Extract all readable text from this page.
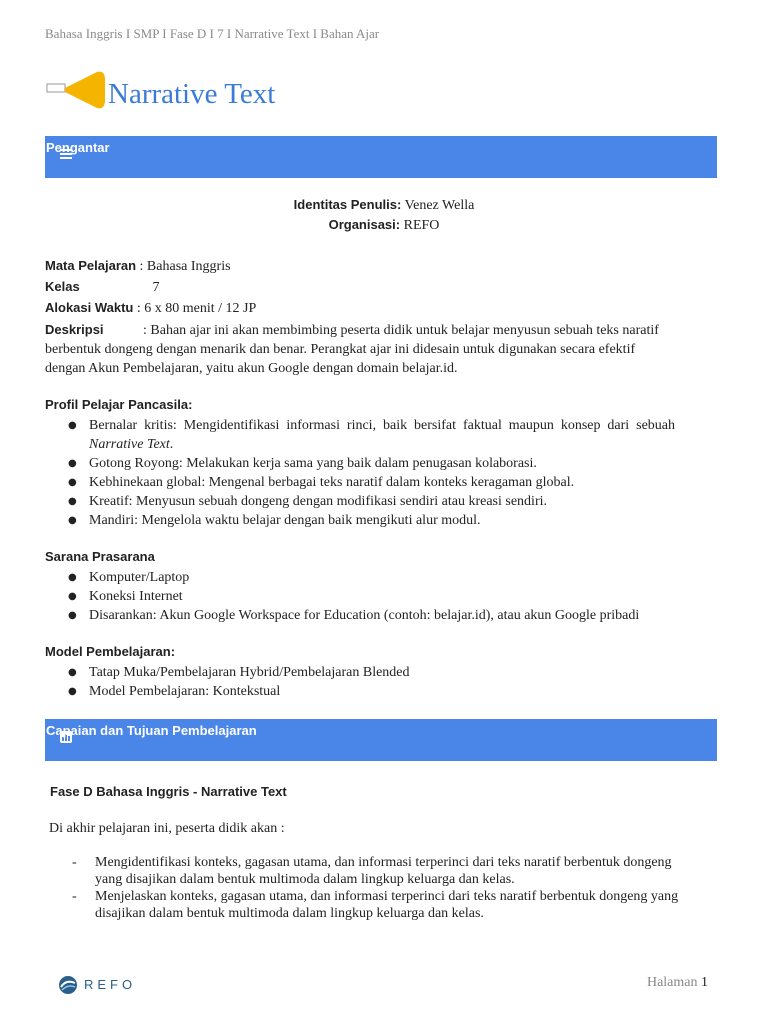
Bahasa Inggris I SMP I Fase D I 7 I Narrative Text I Bahan Ajar
Narrative Text
Pengantar
Identitas Penulis: Venez Wella
Organisasi: REFO
Mata Pelajaran : Bahasa Inggris
Kelas	7
Alokasi Waktu : 6 x 80 menit / 12 JP
Deskripsi	: Bahan ajar ini akan membimbing peserta didik untuk belajar menyusun sebuah teks naratif berbentuk dongeng dengan menarik dan benar. Perangkat ajar ini didesain untuk digunakan secara efektif dengan Akun Pembelajaran, yaitu akun Google dengan domain belajar.id.
Profil Pelajar Pancasila:
● Bernalar kritis: Mengidentifikasi informasi rinci, baik bersifat faktual maupun konsep dari sebuah Narrative Text.
● Gotong Royong: Melakukan kerja sama yang baik dalam penugasan kolaborasi.
● Kebhinekaan global: Mengenal berbagai teks naratif dalam konteks keragaman global.
● Kreatif: Menyusun sebuah dongeng dengan modifikasi sendiri atau kreasi sendiri.
● Mandiri: Mengelola waktu belajar dengan baik mengikuti alur modul.
Sarana Prasarana
● Komputer/Laptop
● Koneksi Internet
● Disarankan: Akun Google Workspace for Education (contoh: belajar.id), atau akun Google pribadi
Model Pembelajaran:
● Tatap Muka/Pembelajaran Hybrid/Pembelajaran Blended
● Model Pembelajaran: Kontekstual
Capaian dan Tujuan Pembelajaran
Fase D Bahasa Inggris - Narrative Text
Di akhir pelajaran ini, peserta didik akan :
- Mengidentifikasi konteks, gagasan utama, dan informasi terperinci dari teks naratif berbentuk dongeng yang disajikan dalam bentuk multimoda dalam lingkup keluarga dan kelas.
- Menjelaskan konteks, gagasan utama, dan informasi terperinci dari teks naratif berbentuk dongeng yang disajikan dalam bentuk multimoda dalam lingkup keluarga dan kelas.
REFO	Halaman 1
